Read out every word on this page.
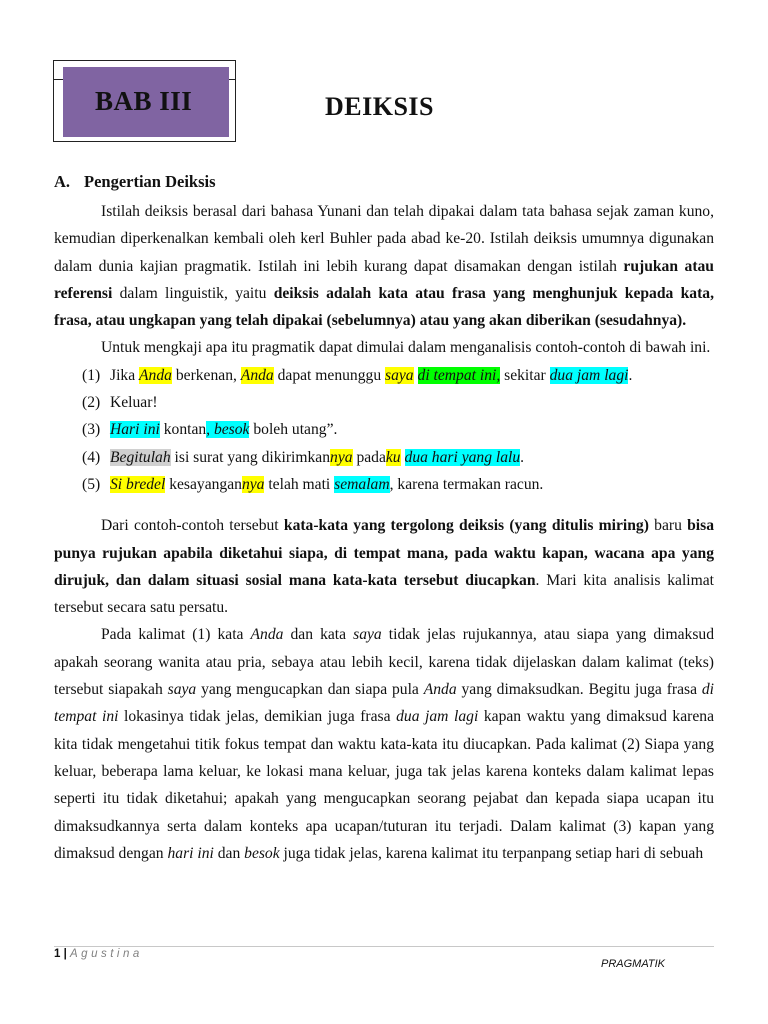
BAB III	DEIKSIS
A. Pengertian Deiksis

Istilah deiksis berasal dari bahasa Yunani dan telah dipakai dalam tata bahasa sejak zaman kuno, kemudian diperkenalkan kembali oleh kerl Buhler pada abad ke-20. Istilah deiksis umumnya digunakan dalam dunia kajian pragmatik. Istilah ini lebih kurang dapat disamakan dengan istilah rujukan atau referensi dalam linguistik, yaitu deiksis adalah kata atau frasa yang menghunjuk kepada kata, frasa, atau ungkapan yang telah dipakai (sebelumnya) atau yang akan diberikan (sesudahnya).

Untuk mengkaji apa itu pragmatik dapat dimulai dalam menganalisis contoh-contoh di bawah ini.

(1) Jika Anda berkenan, Anda dapat menunggu saya di tempat ini, sekitar dua jam lagi.
(2) Keluar!
(3) Hari ini kontan, besok boleh utang”.
(4) Begitulah isi surat yang dikirimkannya padaku dua hari yang lalu.
(5) Si bredel kesayangannya telah mati semalam, karena termakan racun.

Dari contoh-contoh tersebut kata-kata yang tergolong deiksis (yang ditulis miring) baru bisa punya rujukan apabila diketahui siapa, di tempat mana, pada waktu kapan, wacana apa yang dirujuk, dan dalam situasi sosial mana kata-kata tersebut diucapkan. Mari kita analisis kalimat tersebut secara satu persatu.

Pada kalimat (1) kata Anda dan kata saya tidak jelas rujukannya, atau siapa yang dimaksud apakah seorang wanita atau pria, sebaya atau lebih kecil, karena tidak dijelaskan dalam kalimat (teks) tersebut siapakah saya yang mengucapkan dan siapa pula Anda yang dimaksudkan. Begitu juga frasa di tempat ini lokasinya tidak jelas, demikian juga frasa dua jam lagi kapan waktu yang dimaksud karena kita tidak mengetahui titik fokus tempat dan waktu kata-kata itu diucapkan. Pada kalimat (2) Siapa yang keluar, beberapa lama keluar, ke lokasi mana keluar, juga tak jelas karena konteks dalam kalimat lepas seperti itu tidak diketahui; apakah yang mengucapkan seorang pejabat dan kepada siapa ucapan itu dimaksudkannya serta dalam konteks apa ucapan/tuturan itu terjadi. Dalam kalimat (3) kapan yang dimaksud dengan hari ini dan besok juga tidak jelas, karena kalimat itu terpanpang setiap hari di sebuah

1 | Agustina
PRAGMATIK
